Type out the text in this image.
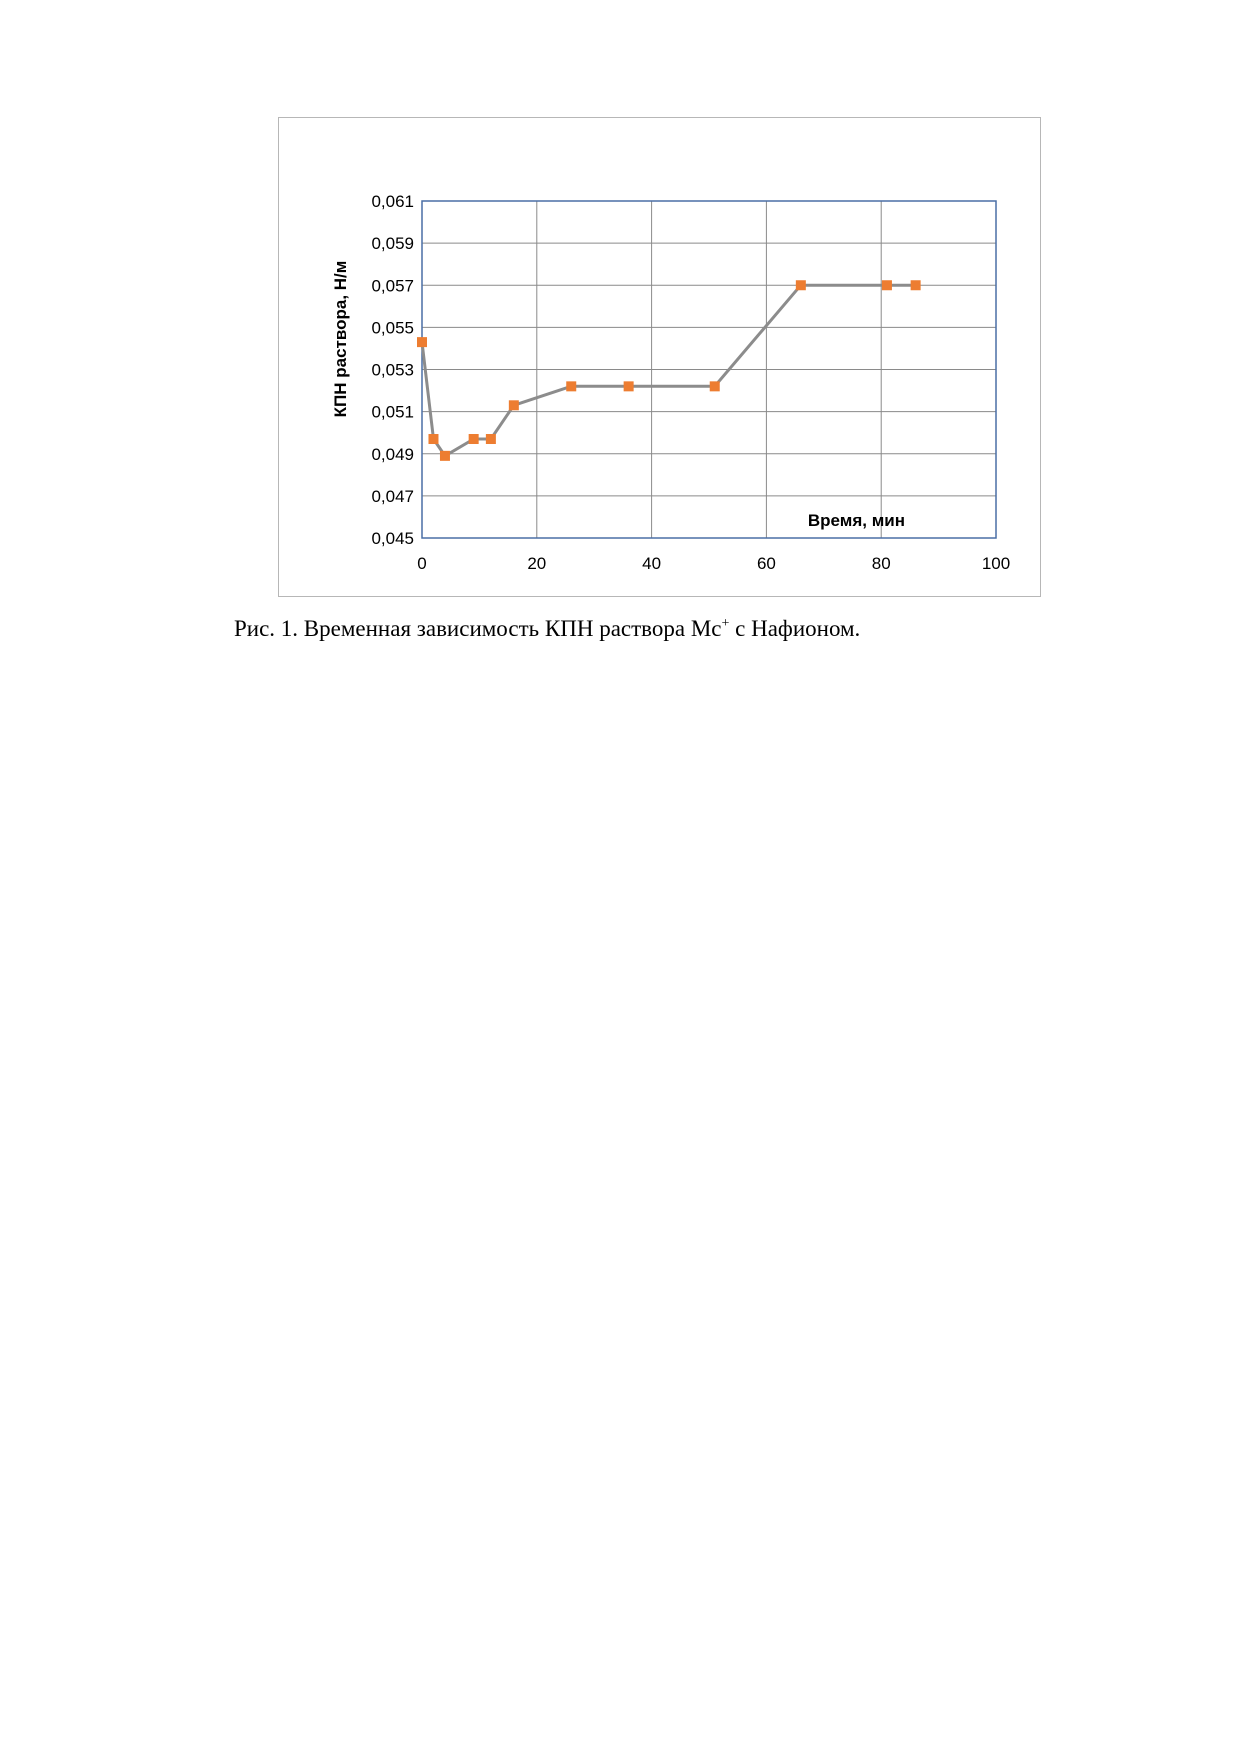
0,045
0,047
0,049
0,051
0,053
0,055
0,057
0,059
0,061
0	20	40	60	80	100
Время, мин
КПН раствора, Н/м
Рис. 1. Временная зависимость КПН раствора Mc+ с Нафионом.
